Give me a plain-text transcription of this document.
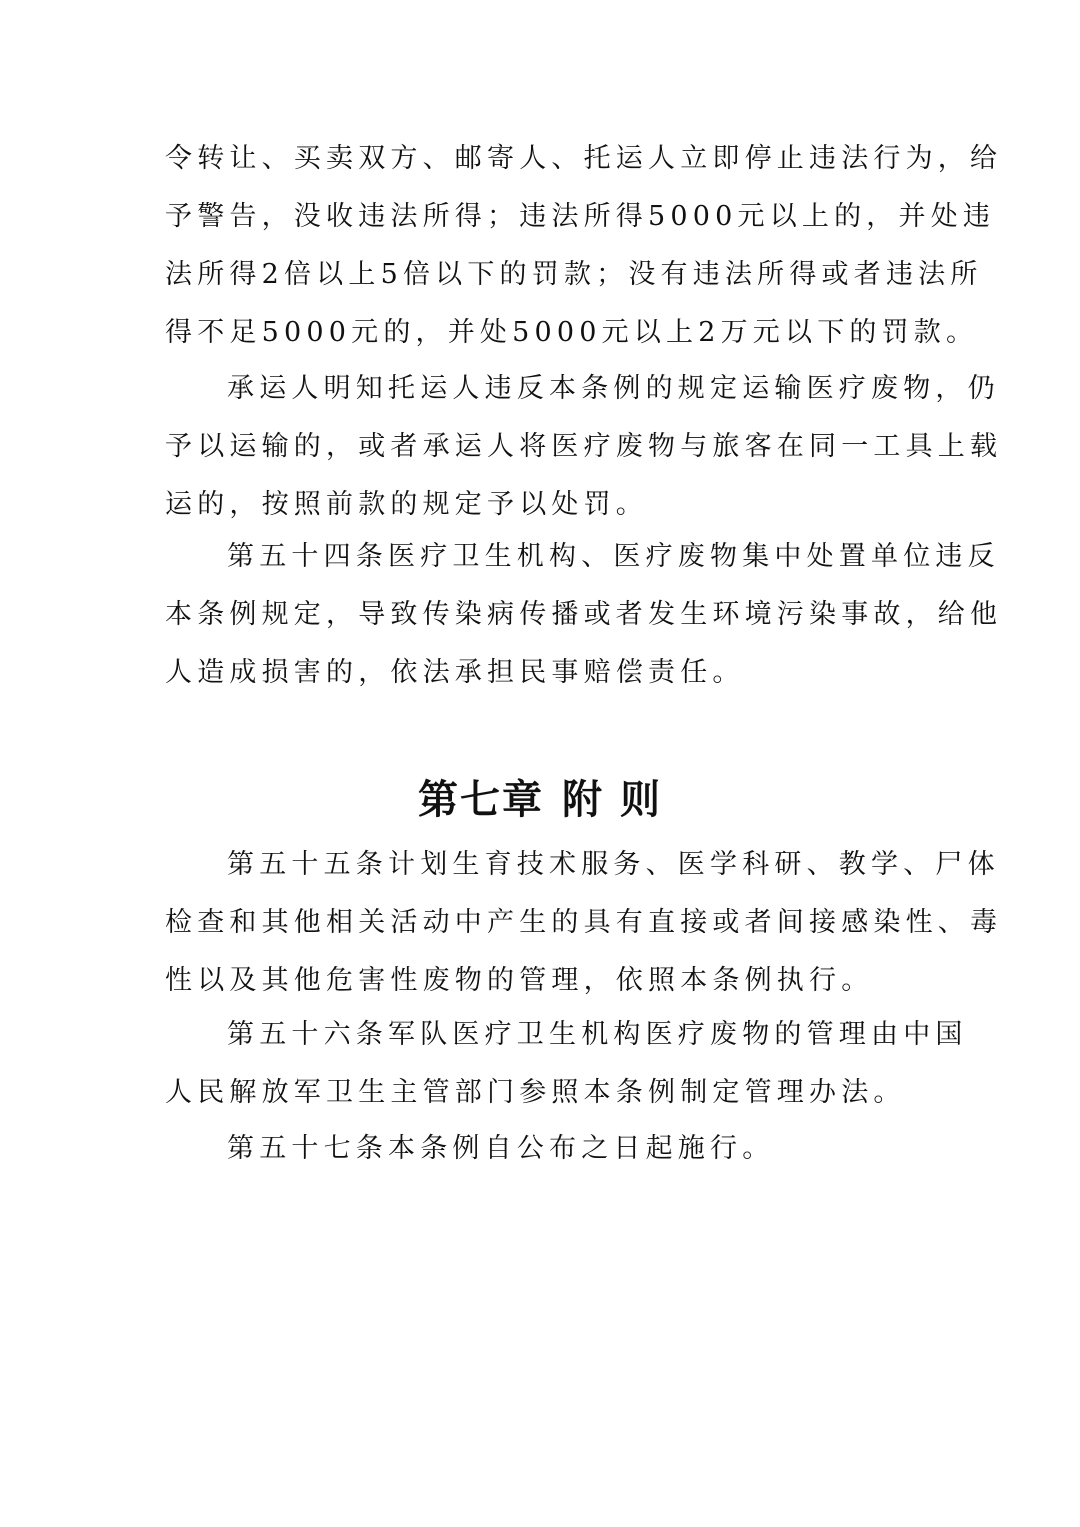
令转让、买卖双方、邮寄人、托运人立即停止违法行为，给
予警告，没收违法所得；违法所得5000元以上的，并处违
法所得2倍以上5倍以下的罚款；没有违法所得或者违法所
得不足5000元的，并处5000元以上2万元以下的罚款。
承运人明知托运人违反本条例的规定运输医疗废物，仍
予以运输的，或者承运人将医疗废物与旅客在同一工具上载
运的，按照前款的规定予以处罚。
第五十四条医疗卫生机构、医疗废物集中处置单位违反
本条例规定，导致传染病传播或者发生环境污染事故，给他
人造成损害的，依法承担民事赔偿责任。
第七章 附 则
第五十五条计划生育技术服务、医学科研、教学、尸体
检查和其他相关活动中产生的具有直接或者间接感染性、毒
性以及其他危害性废物的管理，依照本条例执行。
第五十六条军队医疗卫生机构医疗废物的管理由中国
人民解放军卫生主管部门参照本条例制定管理办法。
第五十七条本条例自公布之日起施行。
